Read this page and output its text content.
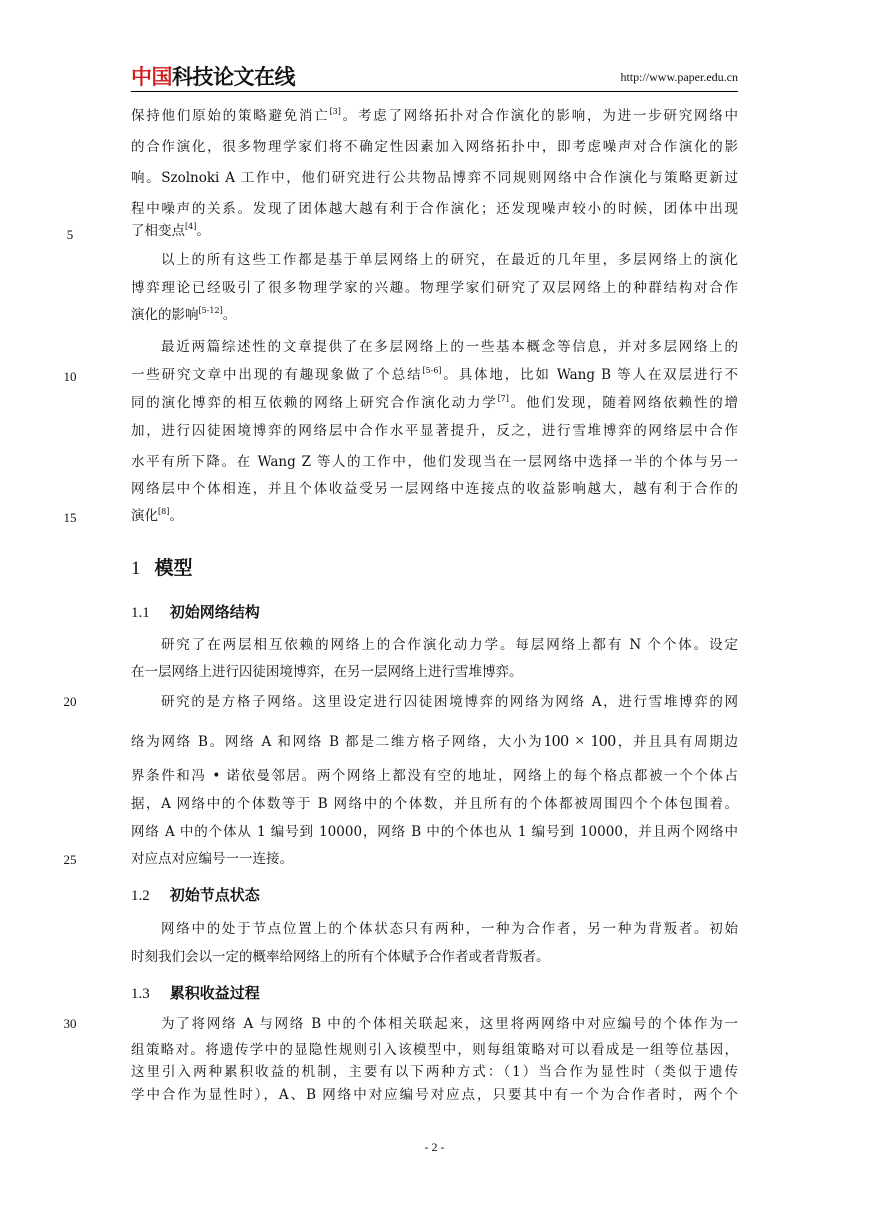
中国科技论文在线	http://www.paper.edu.cn
保持他们原始的策略避免消亡[3]。考虑了网络拓扑对合作演化的影响，为进一步研究网络中
的合作演化，很多物理学家们将不确定性因素加入网络拓扑中，即考虑噪声对合作演化的影
响。Szolnoki A 工作中，他们研究进行公共物品博弈不同规则网络中合作演化与策略更新过
程中噪声的关系。发现了团体越大越有利于合作演化；还发现噪声较小的时候，团体中出现
了相变点[4]。
以上的所有这些工作都是基于单层网络上的研究，在最近的几年里，多层网络上的演化
博弈理论已经吸引了很多物理学家的兴趣。物理学家们研究了双层网络上的种群结构对合作
演化的影响[5-12]。
最近两篇综述性的文章提供了在多层网络上的一些基本概念等信息，并对多层网络上的
一些研究文章中出现的有趣现象做了个总结[5-6]。具体地，比如 Wang B 等人在双层进行不
同的演化博弈的相互依赖的网络上研究合作演化动力学[7]。他们发现，随着网络依赖性的增
加，进行囚徒困境博弈的网络层中合作水平显著提升，反之，进行雪堆博弈的网络层中合作
水平有所下降。在 Wang Z 等人的工作中，他们发现当在一层网络中选择一半的个体与另一
网络层中个体相连，并且个体收益受另一层网络中连接点的收益影响越大，越有利于合作的
演化[8]。
1 模型
1.1 初始网络结构
研究了在两层相互依赖的网络上的合作演化动力学。每层网络上都有 N 个个体。设定
在一层网络上进行囚徒困境博弈，在另一层网络上进行雪堆博弈。
研究的是方格子网络。这里设定进行囚徒困境博弈的网络为网络 A，进行雪堆博弈的网
络为网络 B。网络 A 和网络 B 都是二维方格子网络，大小为100 × 100，并且具有周期边
界条件和冯 • 诺依曼邻居。两个网络上都没有空的地址，网络上的每个格点都被一个个体占
据，A 网络中的个体数等于 B 网络中的个体数，并且所有的个体都被周围四个个体包围着。
网络 A 中的个体从 1 编号到 10000，网络 B 中的个体也从 1 编号到 10000，并且两个网络中
对应点对应编号一一连接。
1.2 初始节点状态
网络中的处于节点位置上的个体状态只有两种，一种为合作者，另一种为背叛者。初始
时刻我们会以一定的概率给网络上的所有个体赋予合作者或者背叛者。
1.3 累积收益过程
为了将网络 A 与网络 B 中的个体相关联起来，这里将两网络中对应编号的个体作为一
组策略对。将遗传学中的显隐性规则引入该模型中，则每组策略对可以看成是一组等位基因，
这里引入两种累积收益的机制，主要有以下两种方式：（1）当合作为显性时（类似于遗传
学中合作为显性时），A、B 网络中对应编号对应点，只要其中有一个为合作者时，两个个
5
10
15
20
25
30
- 2 -
